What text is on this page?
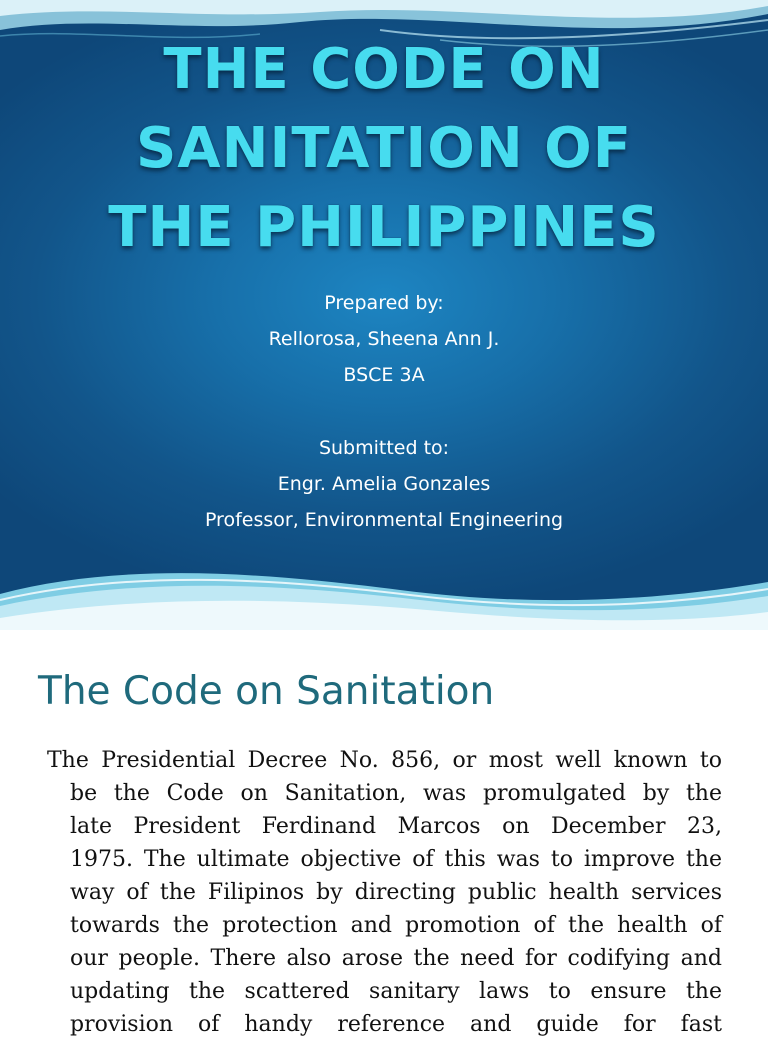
THE CODE ON
SANITATION OF
THE PHILIPPINES
Prepared by:
Rellorosa, Sheena Ann J.
BSCE 3A
Submitted to:
Engr. Amelia Gonzales
Professor, Environmental Engineering
The Code on Sanitation
The Presidential Decree No. 856, or most well known to
be the Code on Sanitation, was promulgated by the
late President Ferdinand Marcos on December 23,
1975. The ultimate objective of this was to improve the
way of the Filipinos by directing public health services
towards the protection and promotion of the health of
our people. There also arose the need for codifying and
updating the scattered sanitary laws to ensure the
provision of handy reference and guide for fast
